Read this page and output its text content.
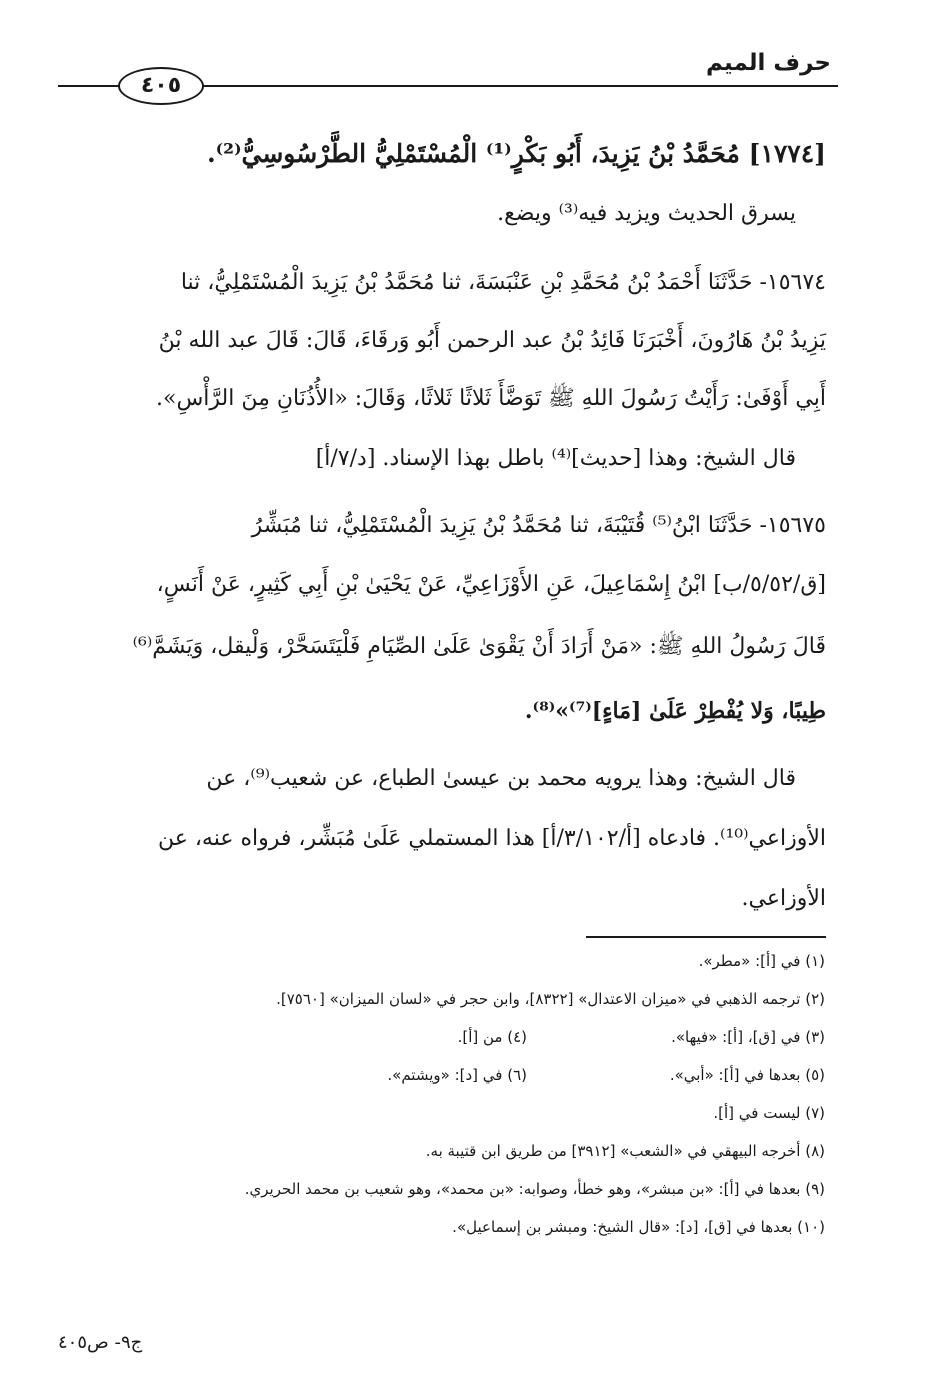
حرف الميم
٤٠٥
[١٧٧٤] مُحَمَّدُ بْنُ يَزِيدَ، أَبُو بَكْرٍ⁽¹⁾ الْمُسْتَمْلِيُّ الطَّرْسُوسِيُّ⁽²⁾.
يسرق الحديث ويزيد فيه⁽³⁾ ويضع.
١٥٦٧٤- حَدَّثَنَا أَحْمَدُ بْنُ مُحَمَّدِ بْنِ عَنْبَسَةَ، ثنا مُحَمَّدُ بْنُ يَزِيدَ الْمُسْتَمْلِيُّ، ثنا
يَزِيدُ بْنُ هَارُونَ، أَخْبَرَنَا فَائِدُ بْنُ عبد الرحمن أَبُو وَرقَاءَ، قَالَ: قَالَ عبد الله بْنُ
أَبِي أَوْفَىٰ: رَأَيْتُ رَسُولَ اللهِ ﷺ تَوَضَّأَ ثَلاثًا ثَلاثًا، وَقَالَ: «الأُذُنَانِ مِنَ الرَّأْسِ».
قال الشيخ: وهذا [حديث]⁽⁴⁾ باطل بهذا الإسناد. [د/٧/أ]
١٥٦٧٥- حَدَّثَنَا ابْنُ⁽⁵⁾ قُتَيْبَةَ، ثنا مُحَمَّدُ بْنُ يَزِيدَ الْمُسْتَمْلِيُّ، ثنا مُبَشِّرُ
[ق/٥/٥٢/ب] ابْنُ إِسْمَاعِيلَ، عَنِ الأَوْزَاعِيِّ، عَنْ يَحْيَىٰ بْنِ أَبِي كَثِيرٍ، عَنْ أَنَسٍ،
قَالَ رَسُولُ اللهِ ﷺ: «مَنْ أَرَادَ أَنْ يَقْوَىٰ عَلَىٰ الصِّيَامِ فَلْيَتَسَحَّرْ، وَلْيقل، وَيَشَمَّ⁽⁶⁾
طِيبًا، وَلا يُفْطِرْ عَلَىٰ [مَاءٍ]⁽⁷⁾»⁽⁸⁾.
قال الشيخ: وهذا يرويه محمد بن عيسىٰ الطباع، عن شعيب⁽⁹⁾، عن
الأوزاعي⁽¹⁰⁾. فادعاه [أ/٣/١٠٢/أ] هذا المستملي عَلَىٰ مُبَشِّر، فرواه عنه، عن
الأوزاعي.
(١) في [أ]: «مطر».
(٢) ترجمه الذهبي في «ميزان الاعتدال» [٨٣٢٢]، وابن حجر في «لسان الميزان» [٧٥٦٠].
(٣) في [ق]، [أ]: «فيها».
(٤) من [أ].
(٥) بعدها في [أ]: «أبي».
(٦) في [د]: «ويشتم».
(٧) ليست في [أ].
(٨) أخرجه البيهقي في «الشعب» [٣٩١٢] من طريق ابن قتيبة به.
(٩) بعدها في [أ]: «بن مبشر»، وهو خطأ، وصوابه: «بن محمد»، وهو شعيب بن محمد الحريري.
(١٠) بعدها في [ق]، [د]: «قال الشيخ: ومبشر بن إسماعيل».
ج٩- ص٤٠٥
